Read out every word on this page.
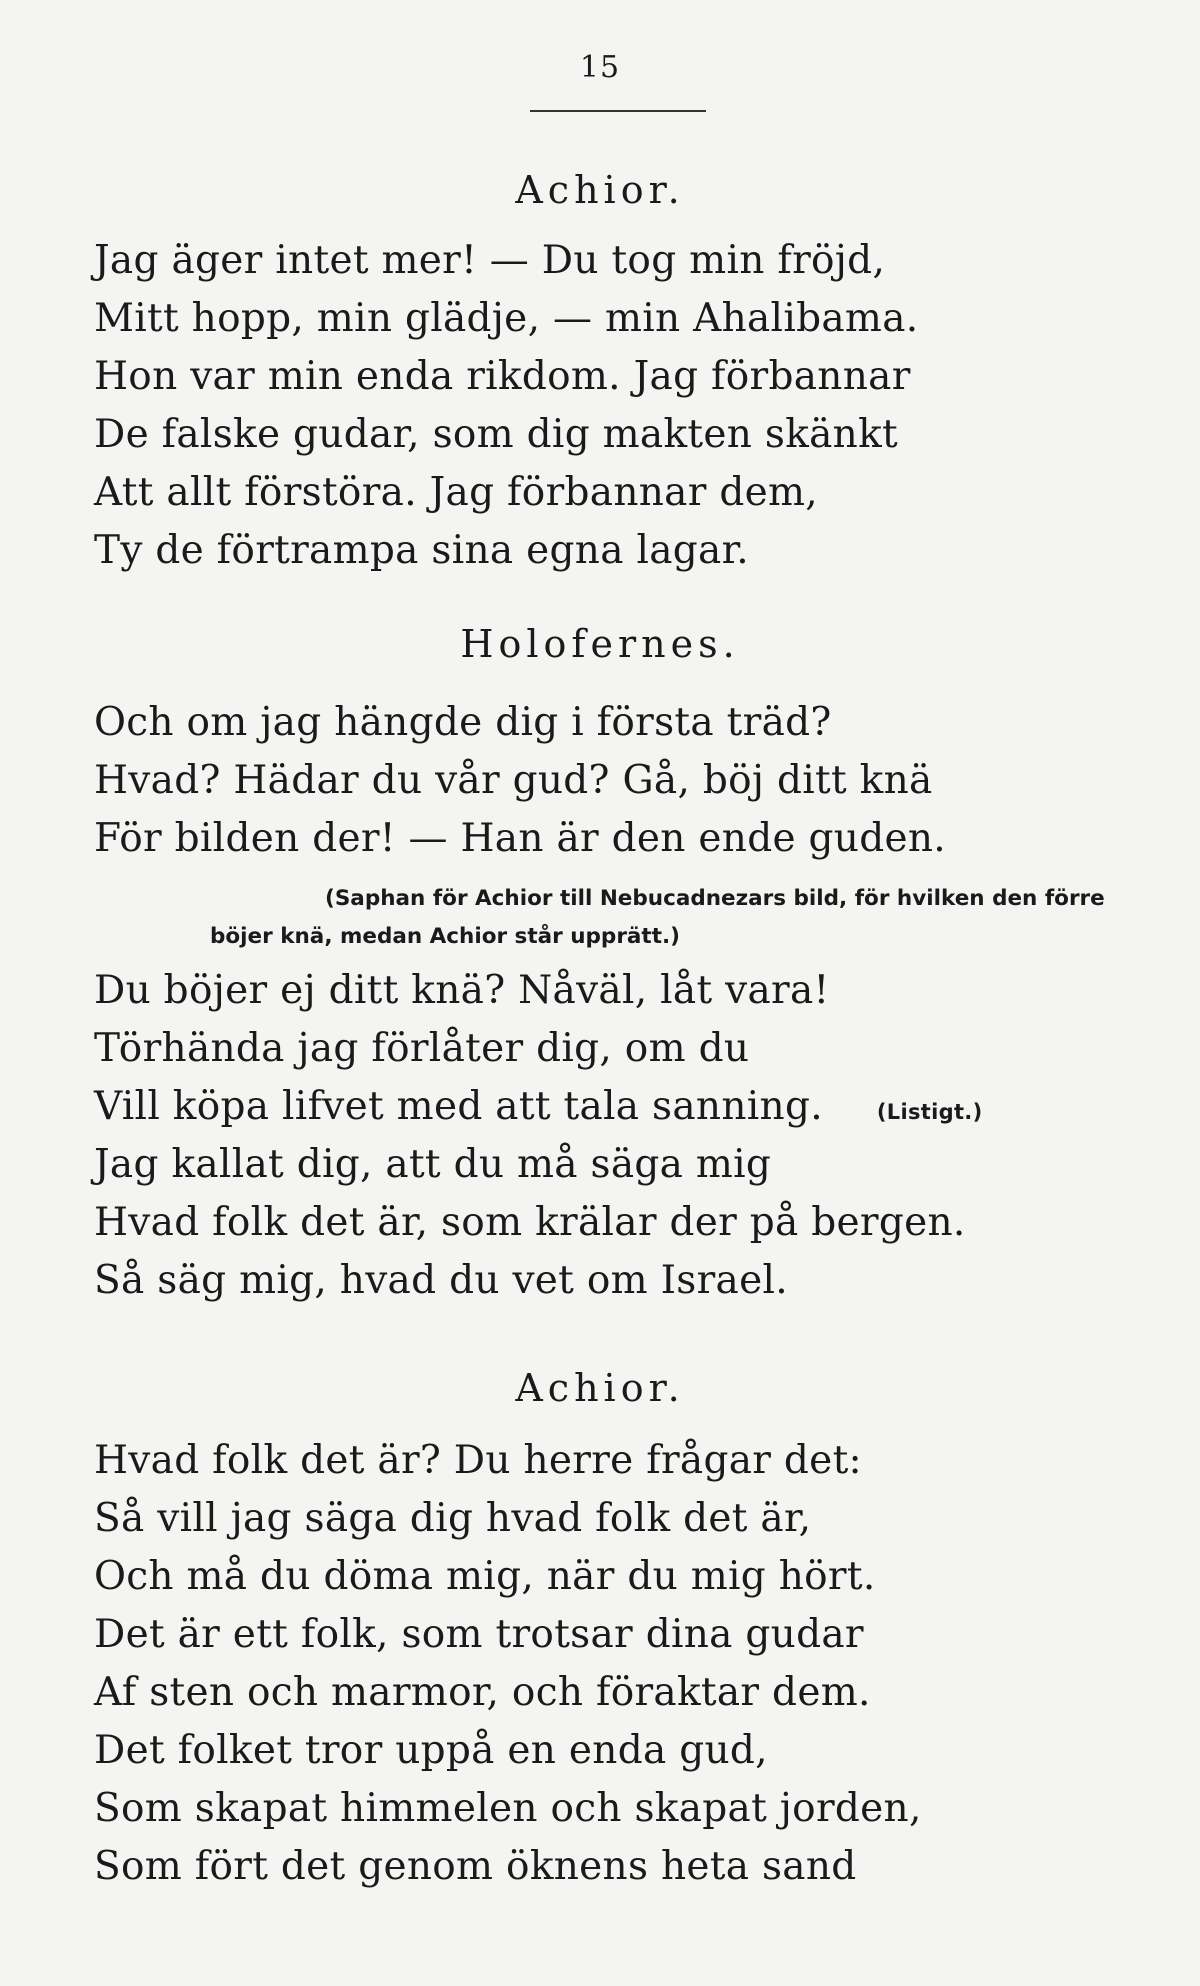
15
Achior.
Jag äger intet mer! — Du tog min fröjd,
Mitt hopp, min glädje, — min Ahalibama.
Hon var min enda rikdom. Jag förbannar
De falske gudar, som dig makten skänkt
Att allt förstöra. Jag förbannar dem,
Ty de förtrampa sina egna lagar.
Holofernes.
Och om jag hängde dig i första träd?
Hvad? Hädar du vår gud? Gå, böj ditt knä
För bilden der! — Han är den ende guden.
(Saphan för Achior till Nebucadnezars bild, för hvilken den förre böjer knä, medan Achior står upprätt.)
Du böjer ej ditt knä? Nåväl, låt vara!
Törhända jag förlåter dig, om du
Vill köpa lifvet med att tala sanning.	(Listigt.)
Jag kallat dig, att du må säga mig
Hvad folk det är, som krälar der på bergen.
Så säg mig, hvad du vet om Israel.
Achior.
Hvad folk det är? Du herre frågar det:
Så vill jag säga dig hvad folk det är,
Och må du döma mig, när du mig hört.
Det är ett folk, som trotsar dina gudar
Af sten och marmor, och föraktar dem.
Det folket tror uppå en enda gud,
Som skapat himmelen och skapat jorden,
Som fört det genom öknens heta sand
